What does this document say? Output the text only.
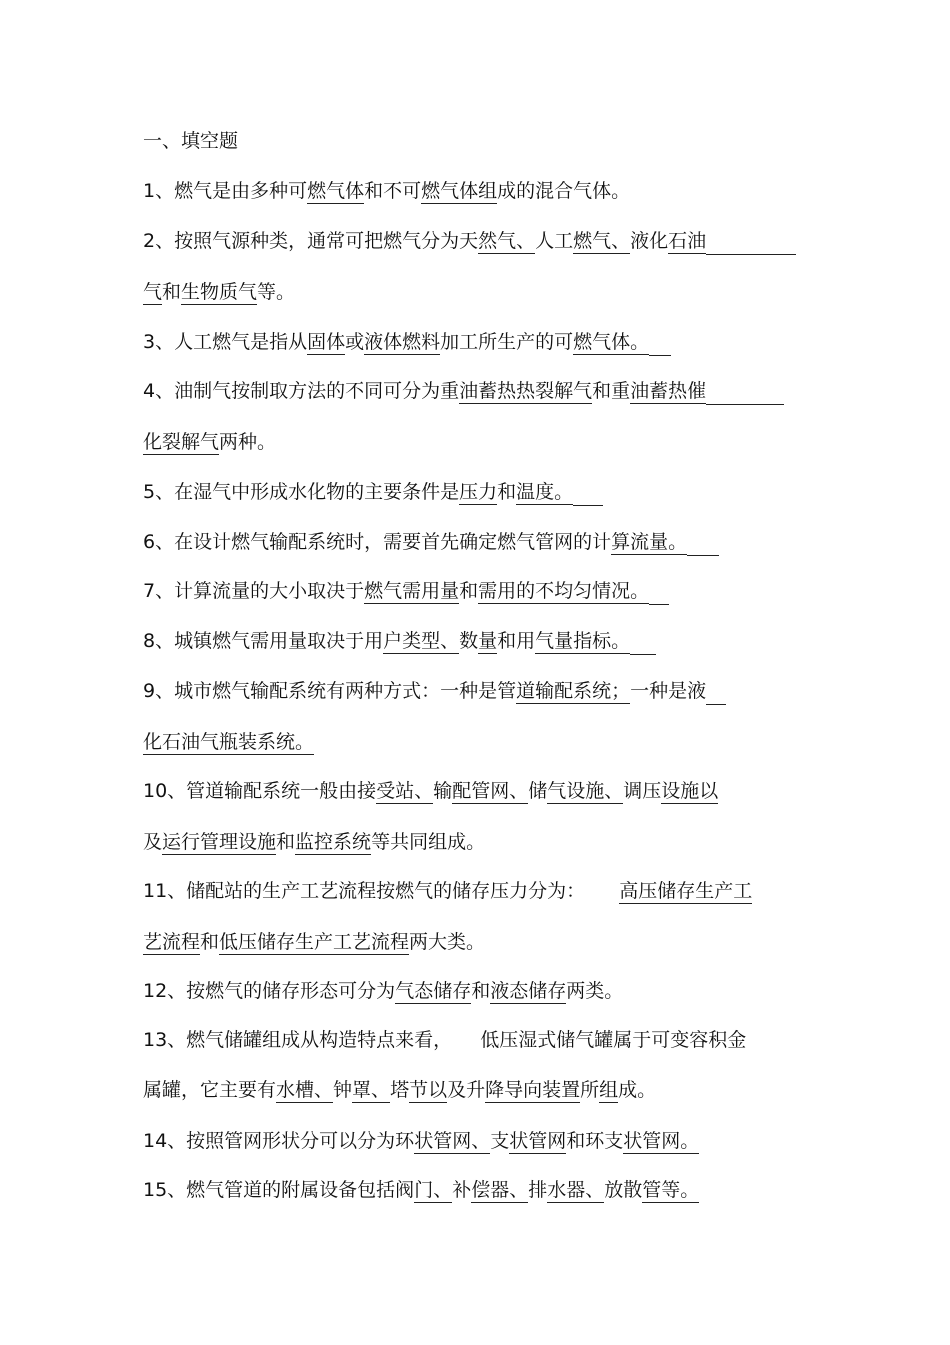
一、填空题
1、燃气是由多种可燃气体和不可燃气体组成的混合气体。
2、按照气源种类，通常可把燃气分为天然气、人工燃气、液化石油
气和生物质气等。
3、人工燃气是指从固体或液体燃料加工所生产的可燃气体。
4、油制气按制取方法的不同可分为重油蓄热热裂解气和重油蓄热催
化裂解气两种。
5、在湿气中形成水化物的主要条件是压力和温度。
6、在设计燃气输配系统时，需要首先确定燃气管网的计算流量。
7、计算流量的大小取决于燃气需用量和需用的不均匀情况。
8、城镇燃气需用量取决于用户类型、数量和用气量指标。
9、城市燃气输配系统有两种方式：一种是管道输配系统；一种是液
化石油气瓶装系统。
10、管道输配系统一般由接受站、输配管网、储气设施、调压设施以
及运行管理设施和监控系统等共同组成。
11、储配站的生产工艺流程按燃气的储存压力分为： 高压储存生产工
艺流程和低压储存生产工艺流程两大类。
12、按燃气的储存形态可分为气态储存和液态储存两类。
13、燃气储罐组成从构造特点来看， 低压湿式储气罐属于可变容积金
属罐，它主要有水槽、钟罩、塔节以及升降导向装置所组成。
14、按照管网形状分可以分为环状管网、支状管网和环支状管网。
15、燃气管道的附属设备包括阀门、补偿器、排水器、放散管等。
